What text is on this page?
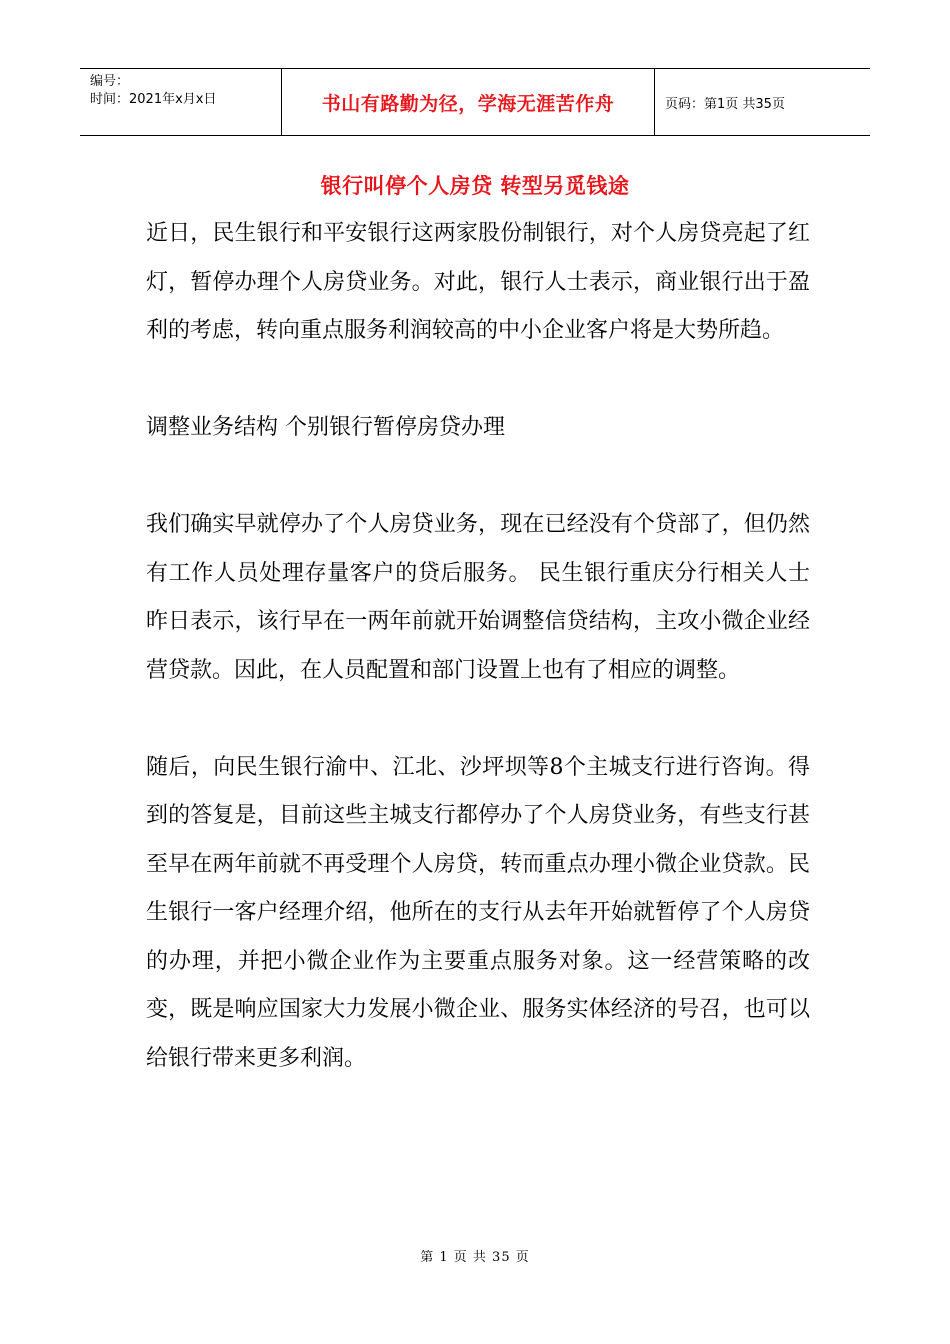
编号：
时间：2021年x月x日	书山有路勤为径，学海无涯苦作舟	页码：第1页 共35页
银行叫停个人房贷 转型另觅钱途

近日，民生银行和平安银行这两家股份制银行，对个人房贷亮起了红灯，暂停办理个人房贷业务。对此，银行人士表示，商业银行出于盈利的考虑，转向重点服务利润较高的中小企业客户将是大势所趋。

调整业务结构 个别银行暂停房贷办理

我们确实早就停办了个人房贷业务，现在已经没有个贷部了，但仍然有工作人员处理存量客户的贷后服务。 民生银行重庆分行相关人士昨日表示，该行早在一两年前就开始调整信贷结构，主攻小微企业经营贷款。因此，在人员配置和部门设置上也有了相应的调整。

随后，向民生银行渝中、江北、沙坪坝等8个主城支行进行咨询。得到的答复是，目前这些主城支行都停办了个人房贷业务，有些支行甚至早在两年前就不再受理个人房贷，转而重点办理小微企业贷款。民生银行一客户经理介绍，他所在的支行从去年开始就暂停了个人房贷的办理，并把小微企业作为主要重点服务对象。这一经营策略的改变，既是响应国家大力发展小微企业、服务实体经济的号召，也可以给银行带来更多利润。

第 1 页 共 35 页
